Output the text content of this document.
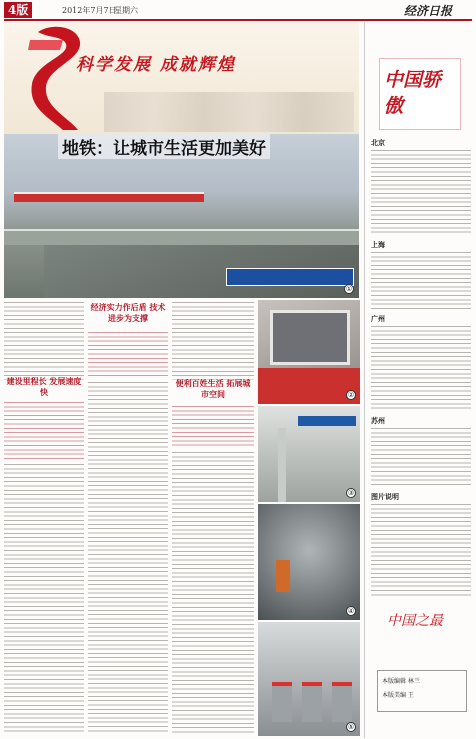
4版	2012年7月7日
星期六	经济日报
科学发展 成就辉煌
地铁：让城市生活更加美好
①
建设里程长 发展速度快
经济实力作后盾 技术进步为支撑
便利百姓生活 拓展城市空间	②
③
④
⑤
中国骄傲
北京
上海
广州
苏州
图片说明
中国之最
本版编辑 林兰
本版美编 王
